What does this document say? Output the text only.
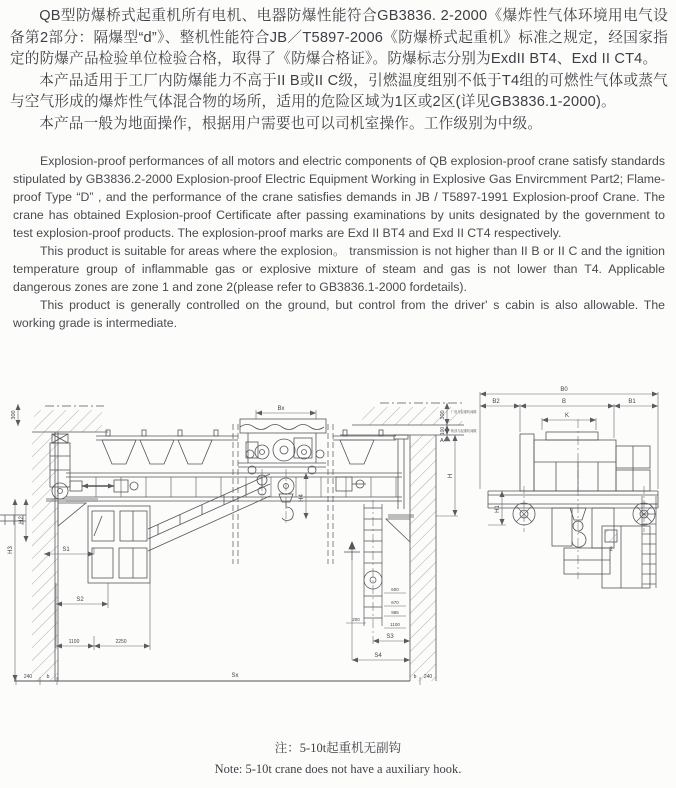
QB型防爆桥式起重机所有电机、电器防爆性能符合GB3836. 2-2000《爆炸性气体环境用电气设备第2部分：隔爆型“d”》、整机性能符合JB／T5897-2006《防爆桥式起重机》标准之规定，经国家指定的防爆产品检验单位检验合格，取得了《防爆合格证》。防爆标志分别为ExdII BT4、Exd II CT4。

本产品适用于工厂内防爆能力不高于II B或II C级，引燃温度组别不低于T4组的可燃性气体或蒸气与空气形成的爆炸性气体混合物的场所，适用的危险区域为1区或2区(详见GB3836.1-2000)。

本产品一般为地面操作，根据用户需要也可以司机室操作。工作级别为中级。

Explosion-proof performances of all motors and electric components of QB explosion-proof crane satisfy standards stipulated by GB3836.2-2000 Explosion-proof Electric Equipment Working in Explosive Gas Envircmment Part2; Flame-proof Type “D” , and the performance of the crane satisfies demands in JB / T5897-1991 Explosion-proof Crane. The crane has obtained Explosion-proof Certificate after passing examinations by units designated by the government to test explosion-proof products. The explosion-proof marks are Exd II BT4 and Exd II CT4 respectively.

This product is suitable for areas where the explosion。 transmission is not higher than II B or II C and the ignition temperature group of inflammable gas or explosive mixture of steam and gas is not lower than T4. Applicable dangerous zones are zone 1 and zone 2(please refer to GB3836.1-2000 fordetails).

This product is generally controlled on the ground, but control from the driver' s cabin is also allowable. The working grade is intermediate.

Bx
300
H2
H3	S1
S2
1100	2250
H4
300 厂房与起重机间隙
100 轨顶与起重机间隙
A
H
600
670
985
1100
200
S3
S4
240	b	Sx	b 240
2
B0
B2	B	B1
K
H1
注：5-10t起重机无副钩
Note: 5-10t crane does not have a auxiliary hook.
